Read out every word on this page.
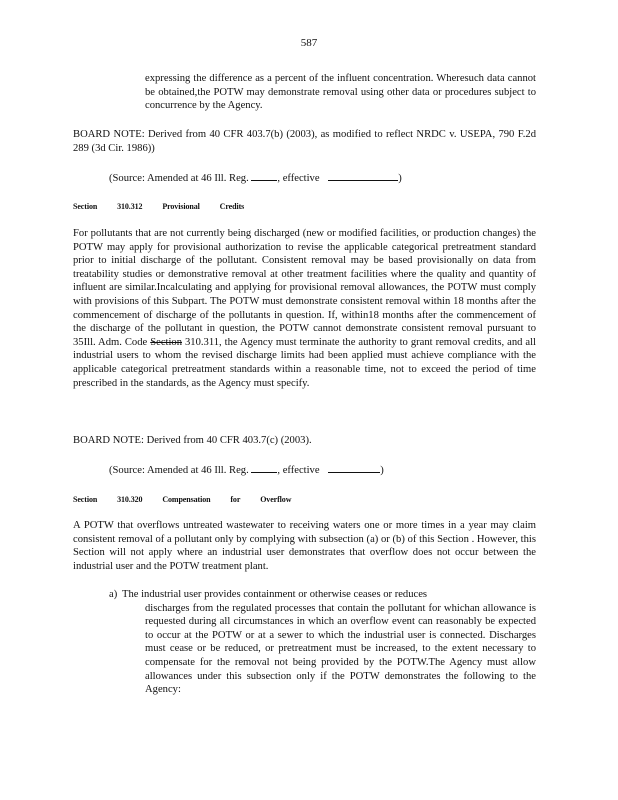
587

expressing the difference as a percent of the influent concentration. Wheresuch data cannot be obtained,the POTW may demonstrate removal using other data or procedures subject to concurrence by the Agency.

BOARD NOTE: Derived from 40 CFR 403.7(b) (2003), as modified to reflect NRDC v. USEPA, 790 F.2d 289 (3d Cir. 1986))

(Source: Amended at 46 Ill. Reg.	, effective	)
Section 310.312 Provisional Credits

For pollutants that are not currently being discharged (new or modified facilities, or production changes) the POTW may apply for provisional authorization to revise the applicable categorical pretreatment standard prior to initial discharge of the pollutant. Consistent removal may be based provisionally on data from treatability studies or demonstrative removal at other treatment facilities where the quality and quantity of influent are similar.Incalculating and applying for provisional removal allowances, the POTW must comply with provisions of this Subpart. The POTW must demonstrate consistent removal within 18 months after the commencement of discharge of the pollutants in question. If, within18 months after the commencement of the discharge of the pollutant in question, the POTW cannot demonstrate consistent removal pursuant to 35Ill. Adm. Code Section 310.311, the Agency must terminate the authority to grant removal credits, and all industrial users to whom the revised discharge limits had been applied must achieve compliance with the applicable categorical pretreatment standards within a reasonable time, not to exceed the period of time prescribed in the standards, as the Agency must specify.

BOARD NOTE: Derived from 40 CFR 403.7(c) (2003).

(Source: Amended at 46 Ill. Reg.	, effective	)
Section 310.320 Compensation for Overflow

A POTW that overflows untreated wastewater to receiving waters one or more times in a year may claim consistent removal of a pollutant only by complying with subsection (a) or (b) of this Section . However, this Section will not apply where an industrial user demonstrates that overflow does not occur between the industrial user and the POTW treatment plant.

a) The industrial user provides containment or otherwise ceases or reduces
discharges from the regulated processes that contain the pollutant for whichan allowance is requested during all circumstances in which an overflow event can reasonably be expected to occur at the POTW or at a sewer to which the industrial user is connected. Discharges must cease or be reduced, or pretreatment must be increased, to the extent necessary to compensate for the removal not being provided by the POTW.The Agency must allow allowances under this subsection only if the POTW demonstrates the following to the Agency:
